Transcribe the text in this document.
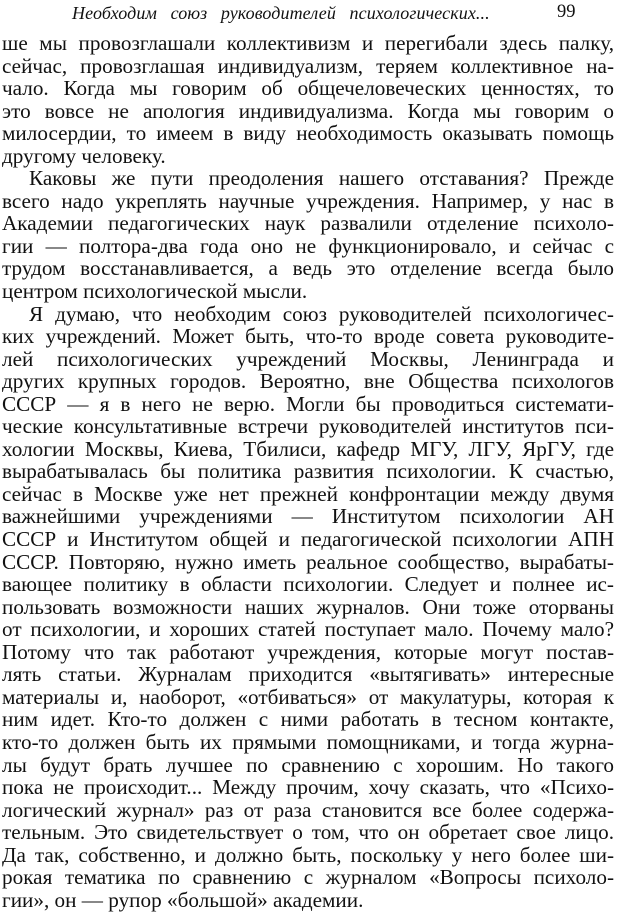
Необходим союз руководителей психологических...	99
ше мы провозглашали коллективизм и перегибали здесь палку,
сейчас, провозглашая индивидуализм, теряем коллективное на-
чало. Когда мы говорим об общечеловеческих ценностях, то
это вовсе не апология индивидуализма. Когда мы говорим о
милосердии, то имеем в виду необходимость оказывать помощь
другому человеку.
Каковы же пути преодоления нашего отставания? Прежде
всего надо укреплять научные учреждения. Например, у нас в
Академии педагогических наук развалили отделение психоло-
гии — полтора-два года оно не функционировало, и сейчас с
трудом восстанавливается, а ведь это отделение всегда было
центром психологической мысли.
Я думаю, что необходим союз руководителей психологичес-
ких учреждений. Может быть, что-то вроде совета руководите-
лей психологических учреждений Москвы, Ленинграда и
других крупных городов. Вероятно, вне Общества психологов
СССР — я в него не верю. Могли бы проводиться системати-
ческие консультативные встречи руководителей институтов пси-
хологии Москвы, Киева, Тбилиси, кафедр МГУ, ЛГУ, ЯрГУ, где
вырабатывалась бы политика развития психологии. К счастью,
сейчас в Москве уже нет прежней конфронтации между двумя
важнейшими учреждениями — Институтом психологии АН
СССР и Институтом общей и педагогической психологии АПН
СССР. Повторяю, нужно иметь реальное сообщество, вырабаты-
вающее политику в области психологии. Следует и полнее ис-
пользовать возможности наших журналов. Они тоже оторваны
от психологии, и хороших статей поступает мало. Почему мало?
Потому что так работают учреждения, которые могут постав-
лять статьи. Журналам приходится «вытягивать» интересные
материалы и, наоборот, «отбиваться» от макулатуры, которая к
ним идет. Кто-то должен с ними работать в тесном контакте,
кто-то должен быть их прямыми помощниками, и тогда журна-
лы будут брать лучшее по сравнению с хорошим. Но такого
пока не происходит... Между прочим, хочу сказать, что «Психо-
логический журнал» раз от раза становится все более содержа-
тельным. Это свидетельствует о том, что он обретает свое лицо.
Да так, собственно, и должно быть, поскольку у него более ши-
рокая тематика по сравнению с журналом «Вопросы психоло-
гии», он — рупор «большой» академии.
